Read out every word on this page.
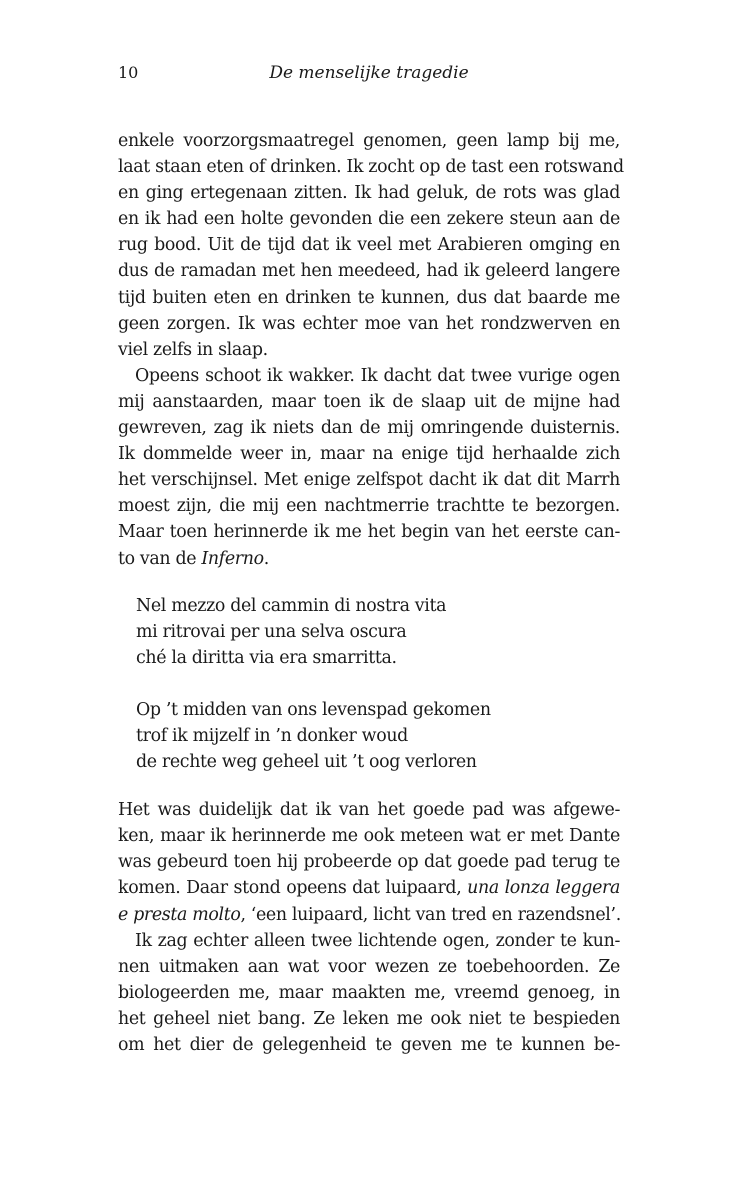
10	De menselijke tragedie
enkele voorzorgsmaatregel genomen, geen lamp bij me,
laat staan eten of drinken. Ik zocht op de tast een rotswand
en ging ertegenaan zitten. Ik had geluk, de rots was glad
en ik had een holte gevonden die een zekere steun aan de
rug bood. Uit de tijd dat ik veel met Arabieren omging en
dus de ramadan met hen meedeed, had ik geleerd langere
tijd buiten eten en drinken te kunnen, dus dat baarde me
geen zorgen. Ik was echter moe van het rondzwerven en
viel zelfs in slaap.
Opeens schoot ik wakker. Ik dacht dat twee vurige ogen
mij aanstaarden, maar toen ik de slaap uit de mijne had
gewreven, zag ik niets dan de mij omringende duisternis.
Ik dommelde weer in, maar na enige tijd herhaalde zich
het verschijnsel. Met enige zelfspot dacht ik dat dit Marrh
moest zijn, die mij een nachtmerrie trachtte te bezorgen.
Maar toen herinnerde ik me het begin van het eerste can-
to van de Inferno.
Nel mezzo del cammin di nostra vita
mi ritrovai per una selva oscura
ché la diritta via era smarritta.
Op ’t midden van ons levenspad gekomen
trof ik mijzelf in ’n donker woud
de rechte weg geheel uit ’t oog verloren
Het was duidelijk dat ik van het goede pad was afgewe-
ken, maar ik herinnerde me ook meteen wat er met Dante
was gebeurd toen hij probeerde op dat goede pad terug te
komen. Daar stond opeens dat luipaard, una lonza leggera
e presta molto, ‘een luipaard, licht van tred en razendsnel’.
Ik zag echter alleen twee lichtende ogen, zonder te kun-
nen uitmaken aan wat voor wezen ze toebehoorden. Ze
biologeerden me, maar maakten me, vreemd genoeg, in
het geheel niet bang. Ze leken me ook niet te bespieden
om het dier de gelegenheid te geven me te kunnen be-
